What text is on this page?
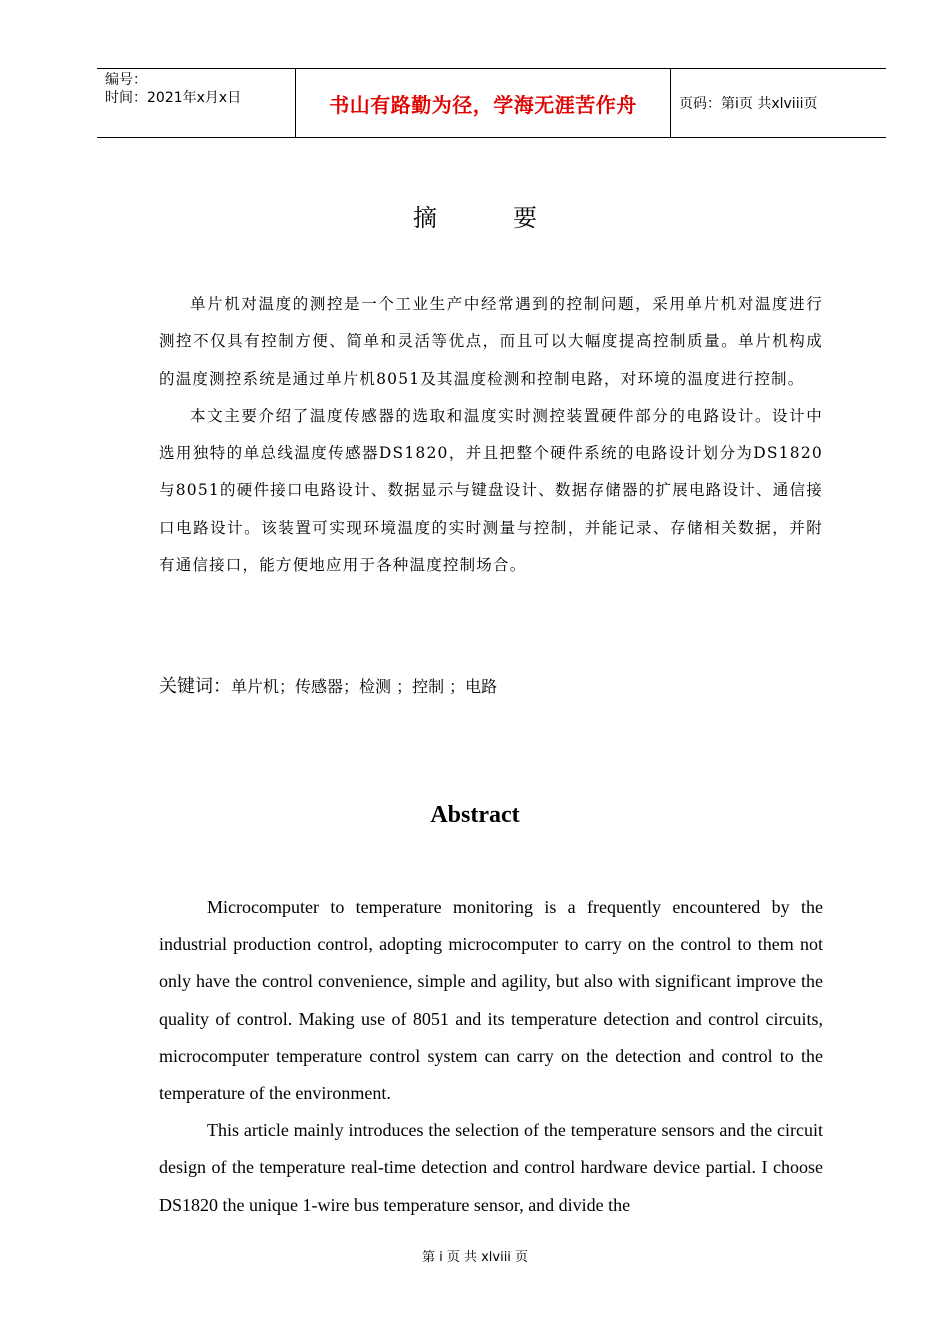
编号：
时间：2021年x月x日	书山有路勤为径，学海无涯苦作舟	页码：第i页 共xlviii页
摘	要

单片机对温度的测控是一个工业生产中经常遇到的控制问题，采用单片机对温度进行测控不仅具有控制方便、简单和灵活等优点，而且可以大幅度提高控制质量。单片机构成的温度测控系统是通过单片机8051及其温度检测和控制电路，对环境的温度进行控制。

本文主要介绍了温度传感器的选取和温度实时测控装置硬件部分的电路设计。设计中选用独特的单总线温度传感器DS1820，并且把整个硬件系统的电路设计划分为DS1820与8051的硬件接口电路设计、数据显示与键盘设计、数据存储器的扩展电路设计、通信接口电路设计。该装置可实现环境温度的实时测量与控制，并能记录、存储相关数据，并附有通信接口，能方便地应用于各种温度控制场合。

关键词：单片机；传感器；检测 ；控制 ；电路
Abstract

Microcomputer to temperature monitoring is a frequently encountered by the industrial production control, adopting microcomputer to carry on the control to them not only have the control convenience, simple and agility, but also with significant improve the quality of control. Making use of 8051 and its temperature detection and control circuits, microcomputer temperature control system can carry on the detection and control to the temperature of the environment.

This article mainly introduces the selection of the temperature sensors and the circuit design of the temperature real-time detection and control hardware device partial. I choose DS1820 the unique 1-wire bus temperature sensor, and divide the

第 i 页 共 xlviii 页
